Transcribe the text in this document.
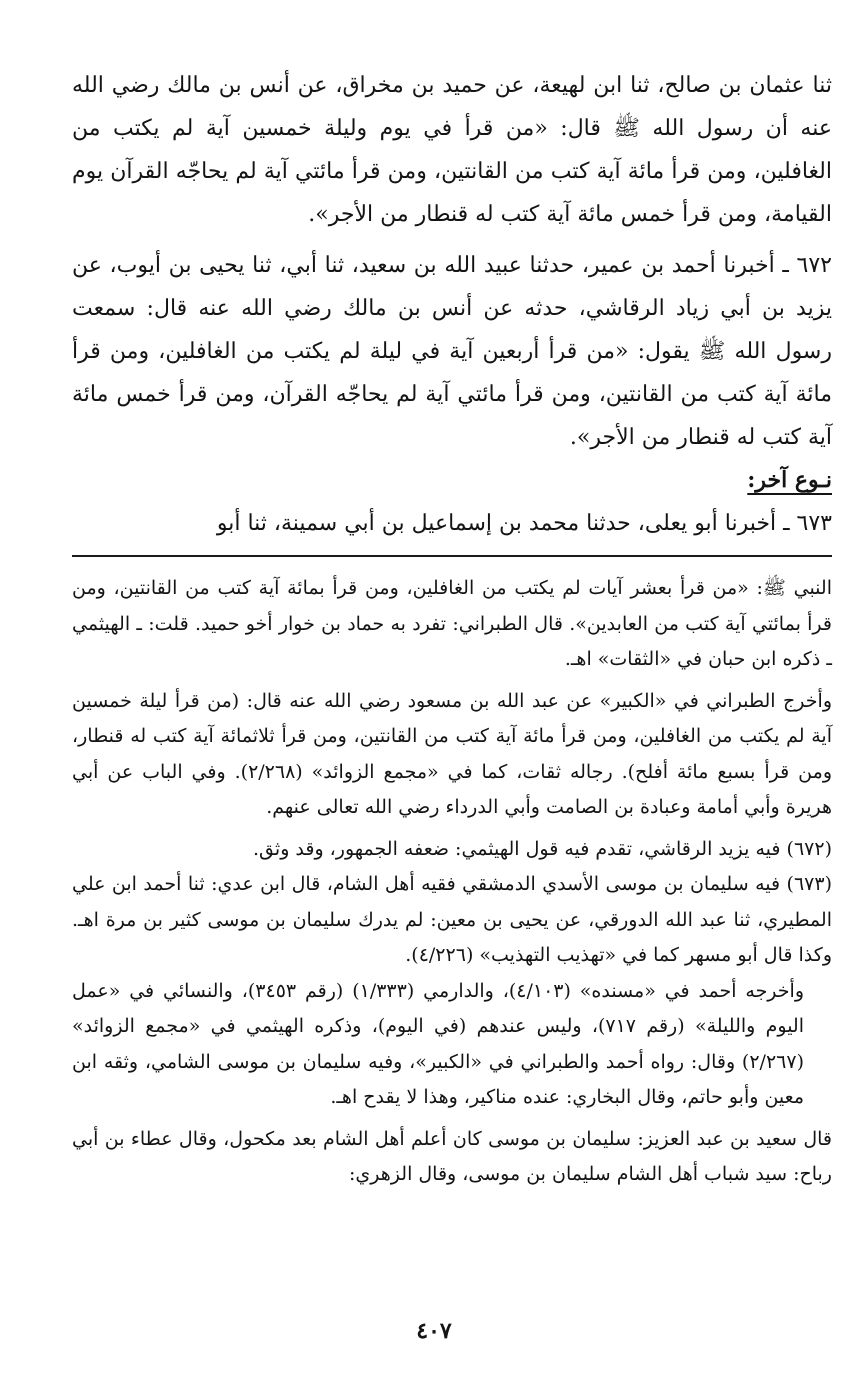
ثنا عثمان بن صالح، ثنا ابن لهيعة، عن حميد بن مخراق، عن أنس بن مالك رضي الله عنه أن رسول الله ﷺ قال: «من قرأ في يوم وليلة خمسين آية لم يكتب من الغافلين، ومن قرأ مائة آية كتب من القانتين، ومن قرأ مائتي آية لم يحاجّه القرآن يوم القيامة، ومن قرأ خمس مائة آية كتب له قنطار من الأجر».

٦٧٢ ـ أخبرنا أحمد بن عمير، حدثنا عبيد الله بن سعيد، ثنا أبي، ثنا يحيى بن أيوب، عن يزيد بن أبي زياد الرقاشي، حدثه عن أنس بن مالك رضي الله عنه قال: سمعت رسول الله ﷺ يقول: «من قرأ أربعين آية في ليلة لم يكتب من الغافلين، ومن قرأ مائة آية كتب من القانتين، ومن قرأ مائتي آية لم يحاجّه القرآن، ومن قرأ خمس مائة آية كتب له قنطار من الأجر».

نـوع آخر:

٦٧٣ ـ أخبرنا أبو يعلى، حدثنا محمد بن إسماعيل بن أبي سمينة، ثنا أبو

النبي ﷺ: «من قرأ بعشر آيات لم يكتب من الغافلين، ومن قرأ بمائة آية كتب من القانتين، ومن قرأ بمائتي آية كتب من العابدين». قال الطبراني: تفرد به حماد بن خوار أخو حميد. قلت: ـ الهيثمي ـ ذكره ابن حبان في «الثقات» اهـ.

وأخرج الطبراني في «الكبير» عن عبد الله بن مسعود رضي الله عنه قال: (من قرأ ليلة خمسين آية لم يكتب من الغافلين، ومن قرأ مائة آية كتب من القانتين، ومن قرأ ثلاثمائة آية كتب له قنطار، ومن قرأ بسبع مائة أفلح). رجاله ثقات، كما في «مجمع الزوائد» (٢/٢٦٨). وفي الباب عن أبي هريرة وأبي أمامة وعبادة بن الصامت وأبي الدرداء رضي الله تعالى عنهم.

(٦٧٢) فيه يزيد الرقاشي، تقدم فيه قول الهيثمي: ضعفه الجمهور، وقد وثق.

(٦٧٣) فيه سليمان بن موسى الأسدي الدمشقي فقيه أهل الشام، قال ابن عدي: ثنا أحمد ابن علي المطيري، ثنا عبد الله الدورقي، عن يحيى بن معين: لم يدرك سليمان بن موسى كثير بن مرة اهـ. وكذا قال أبو مسهر كما في «تهذيب التهذيب» (٤/٢٢٦).

وأخرجه أحمد في «مسنده» (٤/١٠٣)، والدارمي (١/٣٣٣) (رقم ٣٤٥٣)، والنسائي في «عمل اليوم والليلة» (رقم ٧١٧)، وليس عندهم (في اليوم)، وذكره الهيثمي في «مجمع الزوائد» (٢/٢٦٧) وقال: رواه أحمد والطبراني في «الكبير»، وفيه سليمان بن موسى الشامي، وثقه ابن معين وأبو حاتم، وقال البخاري: عنده مناكير، وهذا لا يقدح اهـ.

قال سعيد بن عبد العزيز: سليمان بن موسى كان أعلم أهل الشام بعد مكحول، وقال عطاء بن أبي رباح: سيد شباب أهل الشام سليمان بن موسى، وقال الزهري:

٤٠٧
